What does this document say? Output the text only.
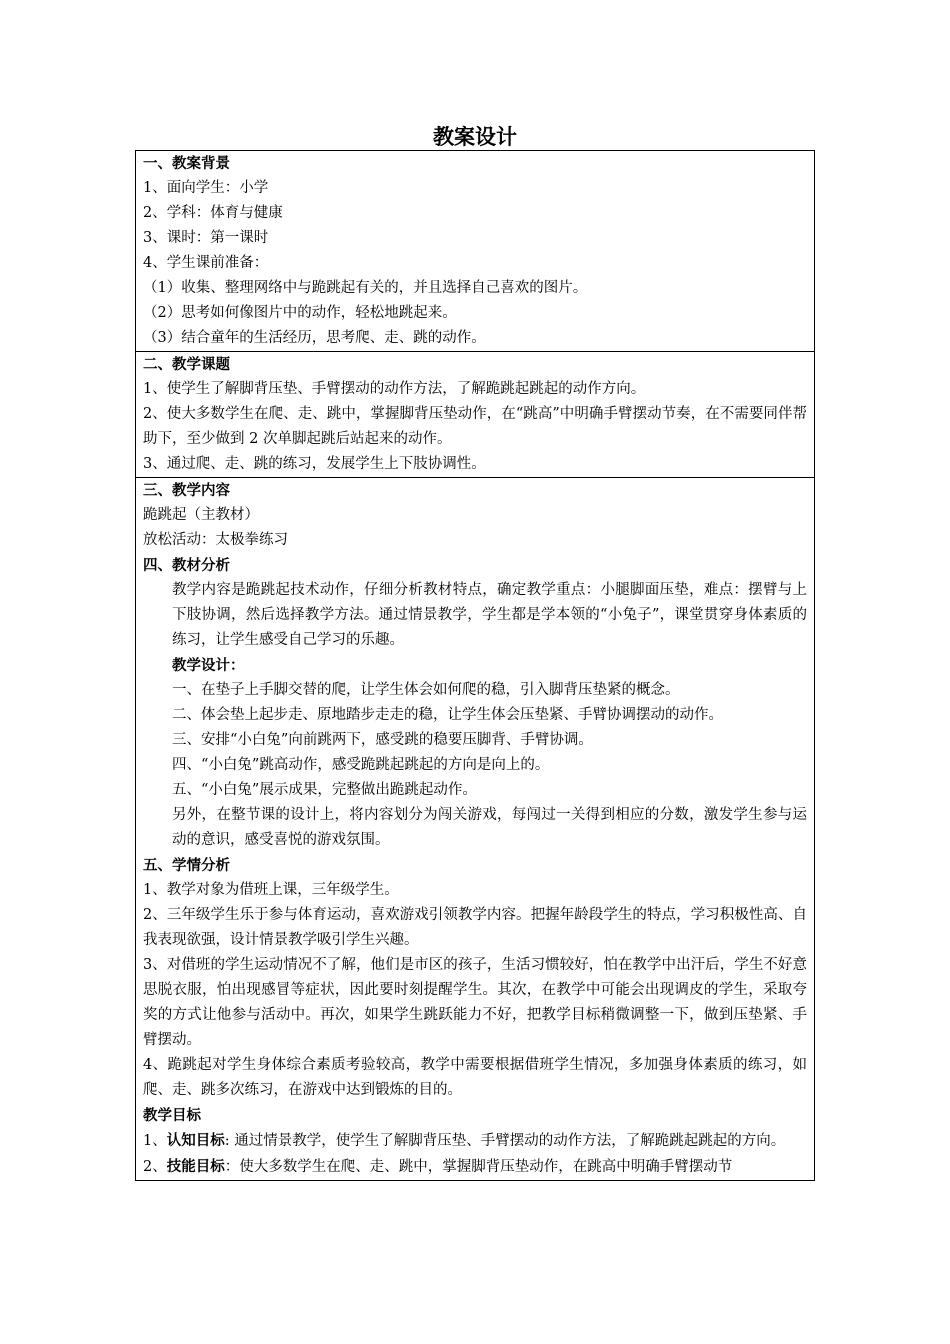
教案设计
一、教案背景
1、面向学生：小学
2、学科：体育与健康
3、课时：第一课时
4、学生课前准备：
（1）收集、整理网络中与跪跳起有关的，并且选择自己喜欢的图片。
（2）思考如何像图片中的动作，轻松地跳起来。
（3）结合童年的生活经历，思考爬、走、跳的动作。
二、教学课题
1、使学生了解脚背压垫、手臂摆动的动作方法，了解跪跳起跳起的动作方向。
2、使大多数学生在爬、走、跳中，掌握脚背压垫动作，在“跳高”中明确手臂摆动节奏，在不需要同伴帮助下，至少做到 2 次单脚起跳后站起来的动作。
3、通过爬、走、跳的练习，发展学生上下肢协调性。
三、教学内容
跪跳起（主教材）
放松活动：太极拳练习
四、教材分析
教学内容是跪跳起技术动作，仔细分析教材特点，确定教学重点：小腿脚面压垫，难点：摆臂与上下肢协调，然后选择教学方法。通过情景教学，学生都是学本领的“小兔子”，课堂贯穿身体素质的练习，让学生感受自己学习的乐趣。
教学设计：
一、在垫子上手脚交替的爬，让学生体会如何爬的稳，引入脚背压垫紧的概念。
二、体会垫上起步走、原地踏步走走的稳，让学生体会压垫紧、手臂协调摆动的动作。
三、安排“小白兔”向前跳两下，感受跳的稳要压脚背、手臂协调。
四、“小白兔”跳高动作，感受跪跳起跳起的方向是向上的。
五、“小白兔”展示成果，完整做出跪跳起动作。
另外，在整节课的设计上，将内容划分为闯关游戏，每闯过一关得到相应的分数，激发学生参与运动的意识，感受喜悦的游戏氛围。
五、学情分析
1、教学对象为借班上课，三年级学生。
2、三年级学生乐于参与体育运动，喜欢游戏引领教学内容。把握年龄段学生的特点，学习积极性高、自我表现欲强，设计情景教学吸引学生兴趣。
3、对借班的学生运动情况不了解，他们是市区的孩子，生活习惯较好，怕在教学中出汗后，学生不好意思脱衣服，怕出现感冒等症状，因此要时刻提醒学生。其次，在教学中可能会出现调皮的学生，采取夸奖的方式让他参与活动中。再次，如果学生跳跃能力不好，把教学目标稍微调整一下，做到压垫紧、手臂摆动。
4、跪跳起对学生身体综合素质考验较高，教学中需要根据借班学生情况，多加强身体素质的练习，如爬、走、跳多次练习，在游戏中达到锻炼的目的。
教学目标
1、认知目标: 通过情景教学，使学生了解脚背压垫、手臂摆动的动作方法，了解跪跳起跳起的方向。
2、技能目标：使大多数学生在爬、走、跳中，掌握脚背压垫动作，在跳高中明确手臂摆动节
